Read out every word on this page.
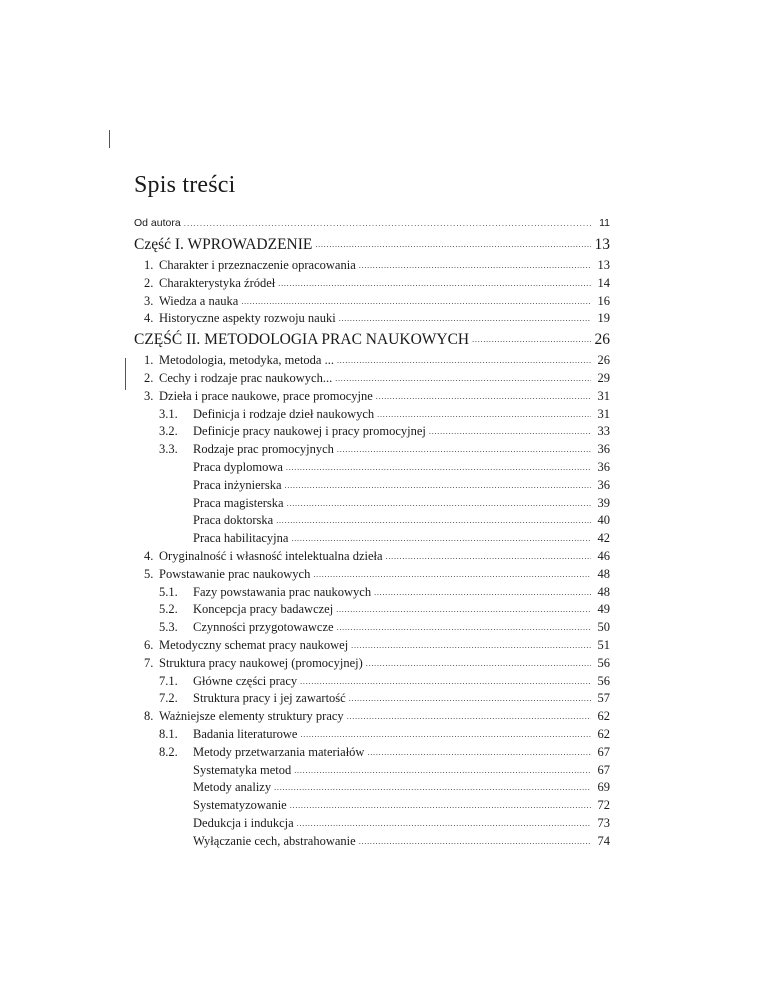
Spis treści
Od autora . . .	11
Część I. WPROWADZENIE . . .	13
1. Charakter i przeznaczenie opracowania . . .	13
2. Charakterystyka źródeł . . .	14
3. Wiedza a nauka . . .	16
4. Historyczne aspekty rozwoju nauki . . .	19
CZĘŚĆ II. METODOLOGIA PRAC NAUKOWYCH . . .	26
1. Metodologia, metodyka, metoda ... . . .	26
2. Cechy i rodzaje prac naukowych... . . .	29
3. Dzieła i prace naukowe, prace promocyjne . . .	31
3.1.	Definicja i rodzaje dzieł naukowych . . .	31
3.2.	Definicje pracy naukowej i pracy promocyjnej . . .	33
3.3.	Rodzaje prac promocyjnych . . .	36
Praca dyplomowa . . .	36
Praca inżynierska . . .	36
Praca magisterska . . .	39
Praca doktorska . . .	40
Praca habilitacyjna . . .	42
4. Oryginalność i własność intelektualna dzieła . . .	46
5. Powstawanie prac naukowych . . .	48
5.1.	Fazy powstawania prac naukowych . . .	48
5.2.	Koncepcja pracy badawczej . . .	49
5.3.	Czynności przygotowawcze . . .	50
6. Metodyczny schemat pracy naukowej . . .	51
7. Struktura pracy naukowej (promocyjnej) . . .	56
7.1.	Główne części pracy . . .	56
7.2.	Struktura pracy i jej zawartość . . .	57
8. Ważniejsze elementy struktury pracy . . .	62
8.1.	Badania literaturowe . . .	62
8.2.	Metody przetwarzania materiałów . . .	67
Systematyka metod . . .	67
Metody analizy . . .	69
Systematyzowanie . . .	72
Dedukcja i indukcja . . .	73
Wyłączanie cech, abstrahowanie . . .	74
